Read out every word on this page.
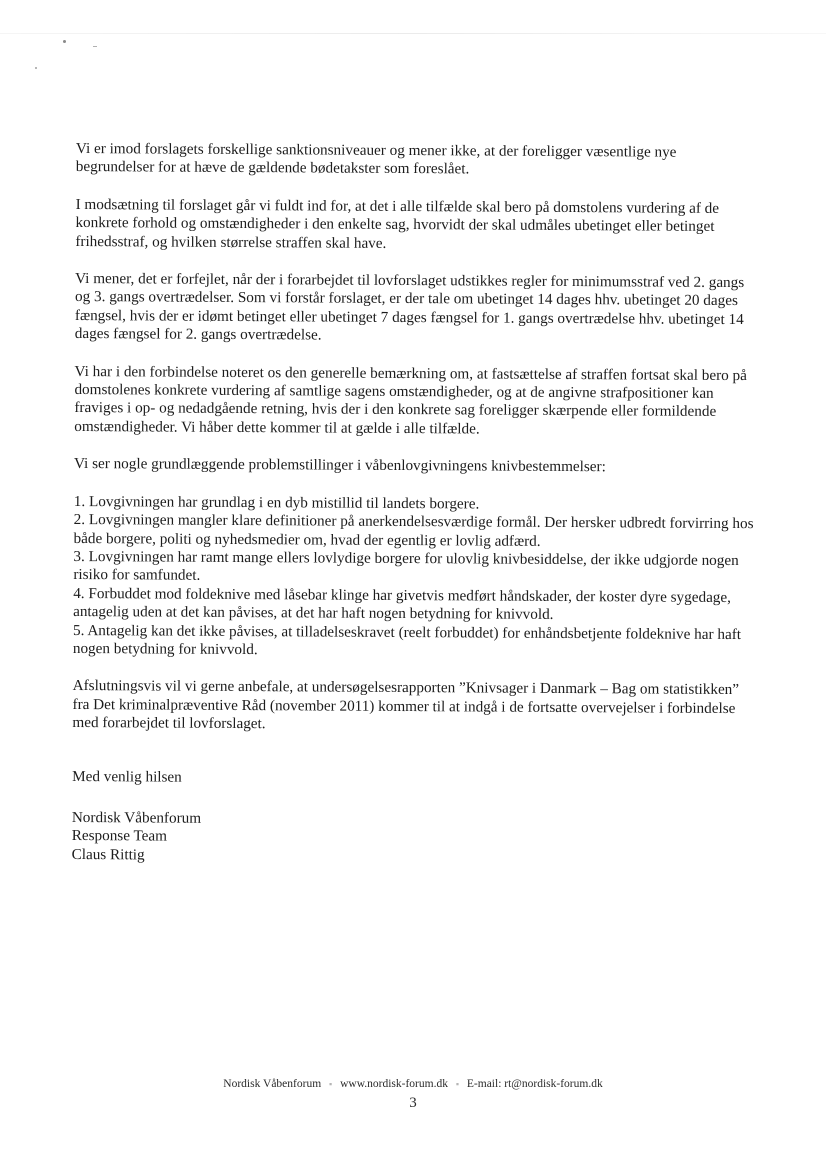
Vi er imod forslagets forskellige sanktionsniveauer og mener ikke, at der foreligger væsentlige nye begrundelser for at hæve de gældende bødetakster som foreslået.

I modsætning til forslaget går vi fuldt ind for, at det i alle tilfælde skal bero på domstolens vurdering af de konkrete forhold og omstændigheder i den enkelte sag, hvorvidt der skal udmåles ubetinget eller betinget frihedsstraf, og hvilken størrelse straffen skal have.

Vi mener, det er forfejlet, når der i forarbejdet til lovforslaget udstikkes regler for minimumsstraf ved 2. gangs og 3. gangs overtrædelser. Som vi forstår forslaget, er der tale om ubetinget 14 dages hhv. ubetinget 20 dages fængsel, hvis der er idømt betinget eller ubetinget 7 dages fængsel for 1. gangs overtrædelse hhv. ubetinget 14 dages fængsel for 2. gangs overtrædelse.

Vi har i den forbindelse noteret os den generelle bemærkning om, at fastsættelse af straffen fortsat skal bero på domstolenes konkrete vurdering af samtlige sagens omstændigheder, og at de angivne strafpositioner kan fraviges i op- og nedadgående retning, hvis der i den konkrete sag foreligger skærpende eller formildende omstændigheder. Vi håber dette kommer til at gælde i alle tilfælde.

Vi ser nogle grundlæggende problemstillinger i våbenlovgivningens knivbestemmelser:

1. Lovgivningen har grundlag i en dyb mistillid til landets borgere.

2. Lovgivningen mangler klare definitioner på anerkendelsesværdige formål. Der hersker udbredt forvirring hos både borgere, politi og nyhedsmedier om, hvad der egentlig er lovlig adfærd.

3. Lovgivningen har ramt mange ellers lovlydige borgere for ulovlig knivbesiddelse, der ikke udgjorde nogen risiko for samfundet.

4. Forbuddet mod foldeknive med låsebar klinge har givetvis medført håndskader, der koster dyre sygedage, antagelig uden at det kan påvises, at det har haft nogen betydning for knivvold.

5. Antagelig kan det ikke påvises, at tilladelseskravet (reelt forbuddet) for enhåndsbetjente foldeknive har haft nogen betydning for knivvold.

Afslutningsvis vil vi gerne anbefale, at undersøgelsesrapporten ”Knivsager i Danmark – Bag om statistikken” fra Det kriminalpræventive Råd (november 2011) kommer til at indgå i de fortsatte overvejelser i forbindelse med forarbejdet til lovforslaget.

Med venlig hilsen

Nordisk Våbenforum

Response Team

Claus Rittig

Nordisk Våbenforum ▪ www.nordisk-forum.dk ▪ E-mail: rt@nordisk-forum.dk
3
